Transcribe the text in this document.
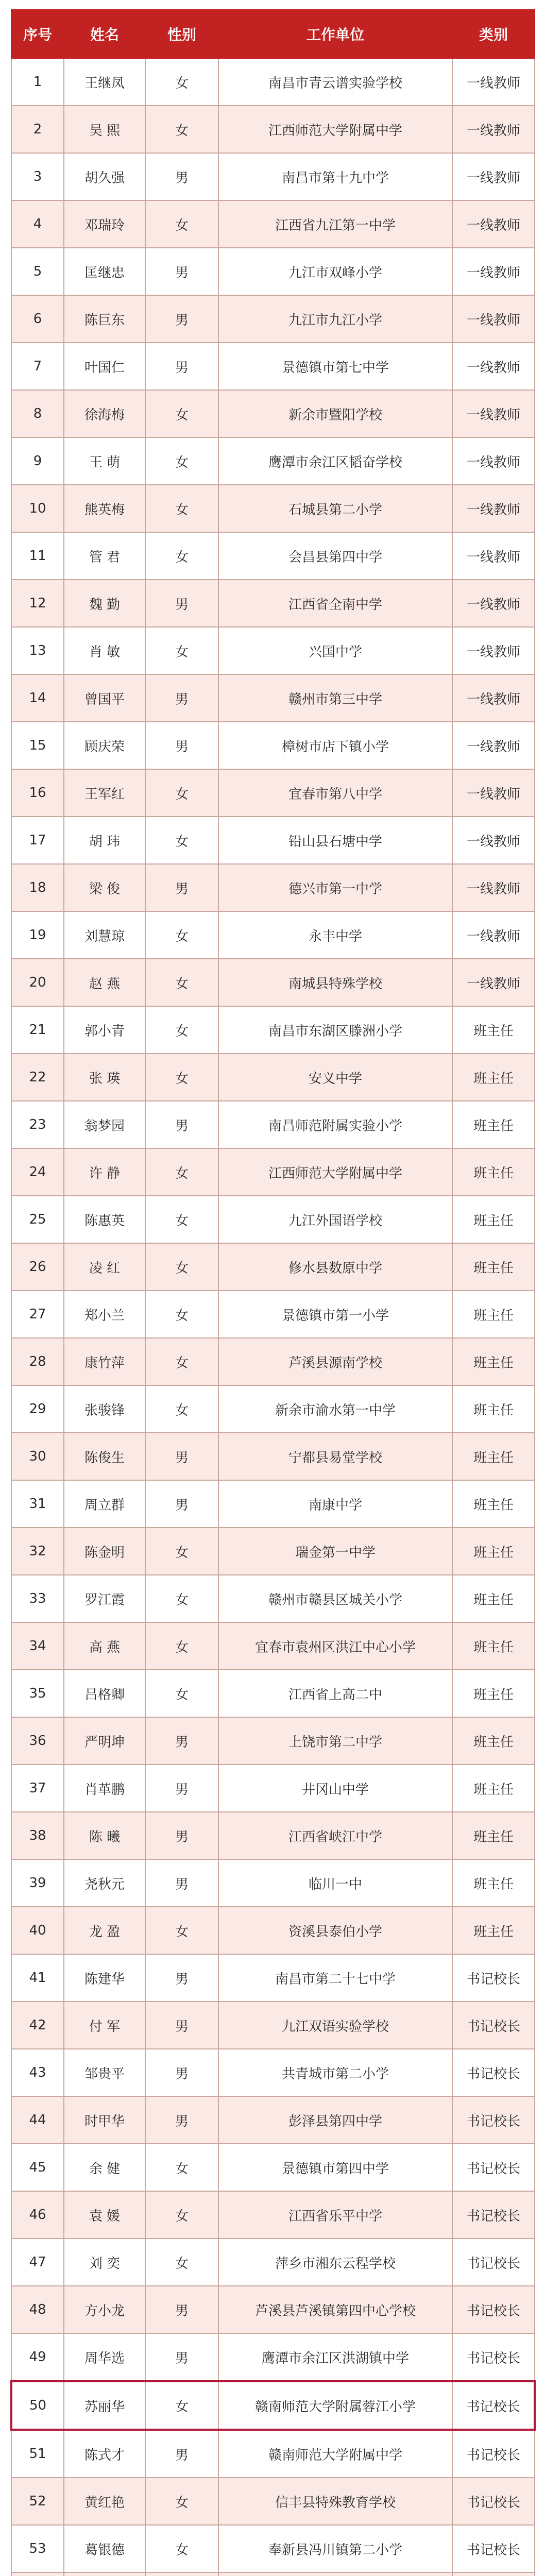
序号	姓名	性别	工作单位	类别
1	王继凤	女	南昌市青云谱实验学校	一线教师
2	吴 熙	女	江西师范大学附属中学	一线教师
3	胡久强	男	南昌市第十九中学	一线教师
4	邓瑞玲	女	江西省九江第一中学	一线教师
5	匡继忠	男	九江市双峰小学	一线教师
6	陈巨东	男	九江市九江小学	一线教师
7	叶国仁	男	景德镇市第七中学	一线教师
8	徐海梅	女	新余市暨阳学校	一线教师
9	王 萌	女	鹰潭市余江区韬奋学校	一线教师
10	熊英梅	女	石城县第二小学	一线教师
11	管 君	女	会昌县第四中学	一线教师
12	魏 勤	男	江西省全南中学	一线教师
13	肖 敏	女	兴国中学	一线教师
14	曾国平	男	赣州市第三中学	一线教师
15	顾庆荣	男	樟树市店下镇小学	一线教师
16	王军红	女	宜春市第八中学	一线教师
17	胡 玮	女	铅山县石塘中学	一线教师
18	梁 俊	男	德兴市第一中学	一线教师
19	刘慧琼	女	永丰中学	一线教师
20	赵 燕	女	南城县特殊学校	一线教师
21	郭小青	女	南昌市东湖区滕洲小学	班主任
22	张 瑛	女	安义中学	班主任
23	翁梦园	男	南昌师范附属实验小学	班主任
24	许 静	女	江西师范大学附属中学	班主任
25	陈惠英	女	九江外国语学校	班主任
26	凌 红	女	修水县数原中学	班主任
27	郑小兰	女	景德镇市第一小学	班主任
28	康竹萍	女	芦溪县源南学校	班主任
29	张骏锋	女	新余市渝水第一中学	班主任
30	陈俊生	男	宁都县易堂学校	班主任
31	周立群	男	南康中学	班主任
32	陈金明	女	瑞金第一中学	班主任
33	罗江霞	女	赣州市赣县区城关小学	班主任
34	高 燕	女	宜春市袁州区洪江中心小学	班主任
35	吕格卿	女	江西省上高二中	班主任
36	严明坤	男	上饶市第二中学	班主任
37	肖革鹏	男	井冈山中学	班主任
38	陈 曦	男	江西省峡江中学	班主任
39	尧秋元	男	临川一中	班主任
40	龙 盈	女	资溪县泰伯小学	班主任
41	陈建华	男	南昌市第二十七中学	书记校长
42	付 军	男	九江双语实验学校	书记校长
43	邹贵平	男	共青城市第二小学	书记校长
44	时甲华	男	彭泽县第四中学	书记校长
45	余 健	女	景德镇市第四中学	书记校长
46	袁 媛	女	江西省乐平中学	书记校长
47	刘 奕	女	萍乡市湘东云程学校	书记校长
48	方小龙	男	芦溪县芦溪镇第四中心学校	书记校长
49	周华选	男	鹰潭市余江区洪湖镇中学	书记校长
50	苏丽华	女	赣南师范大学附属蓉江小学	书记校长
51	陈式才	男	赣南师范大学附属中学	书记校长
52	黄红艳	女	信丰县特殊教育学校	书记校长
53	葛银德	女	奉新县冯川镇第二小学	书记校长
